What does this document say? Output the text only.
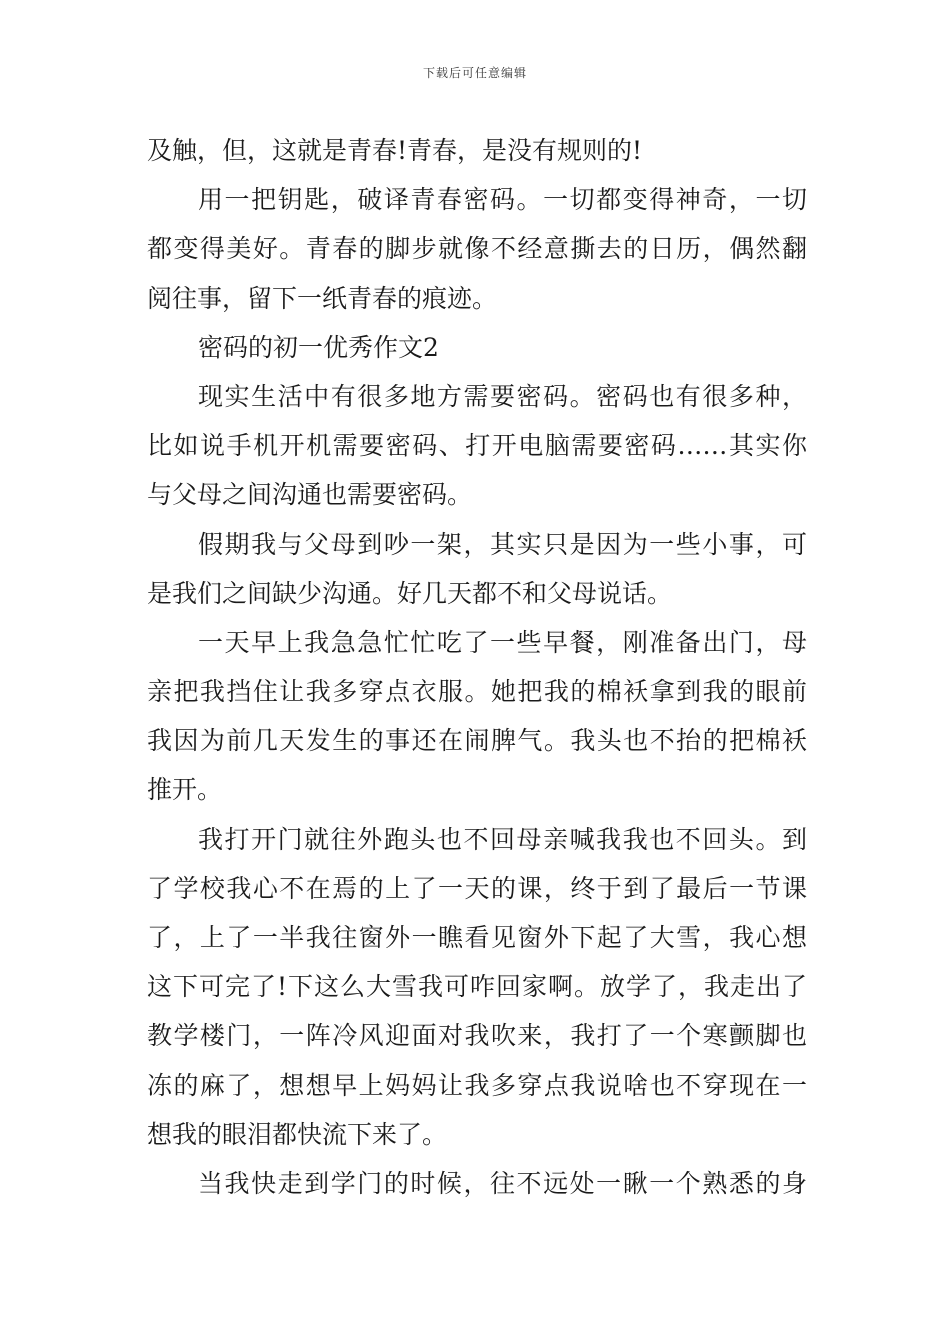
下载后可任意编辑
及触，但，这就是青春!青春，是没有规则的!
用一把钥匙，破译青春密码。一切都变得神奇，一切
都变得美好。青春的脚步就像不经意撕去的日历，偶然翻
阅往事，留下一纸青春的痕迹。
密码的初一优秀作文2
现实生活中有很多地方需要密码。密码也有很多种，
比如说手机开机需要密码、打开电脑需要密码……其实你
与父母之间沟通也需要密码。
假期我与父母到吵一架，其实只是因为一些小事，可
是我们之间缺少沟通。好几天都不和父母说话。
一天早上我急急忙忙吃了一些早餐，刚准备出门，母
亲把我挡住让我多穿点衣服。她把我的棉袄拿到我的眼前
我因为前几天发生的事还在闹脾气。我头也不抬的把棉袄
推开。
我打开门就往外跑头也不回母亲喊我我也不回头。到
了学校我心不在焉的上了一天的课，终于到了最后一节课
了，上了一半我往窗外一瞧看见窗外下起了大雪，我心想
这下可完了!下这么大雪我可咋回家啊。放学了，我走出了
教学楼门，一阵冷风迎面对我吹来，我打了一个寒颤脚也
冻的麻了，想想早上妈妈让我多穿点我说啥也不穿现在一
想我的眼泪都快流下来了。
当我快走到学门的时候，往不远处一瞅一个熟悉的身
